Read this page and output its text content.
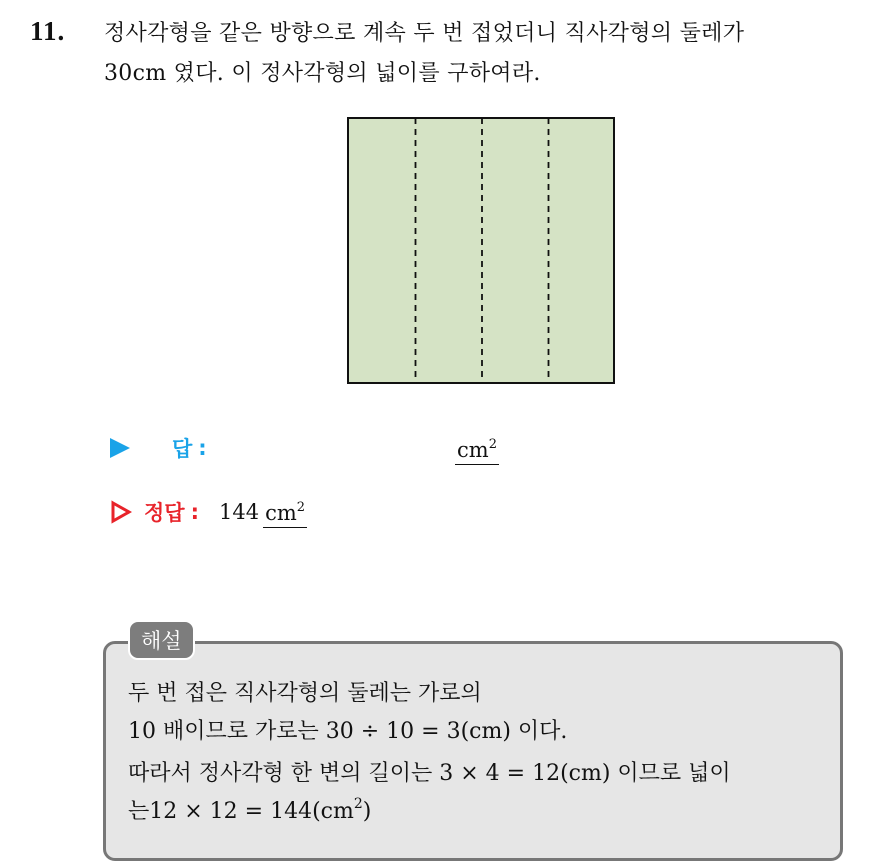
11. 정사각형을 같은 방향으로 계속 두 번 접었더니 직사각형의 둘레가
30cm 였다. 이 정사각형의 넓이를 구하여라.
답 :	$cm^2$
정답 : 144 $cm^2$
해설
두 번 접은 직사각형의 둘레는 가로의
10 배이므로 가로는 30 ÷ 10 = 3(cm) 이다.
따라서 정사각형 한 변의 길이는 3 × 4 = 12(cm) 이므로 넓이
는$12 \times 12 = 144(cm^2)$
